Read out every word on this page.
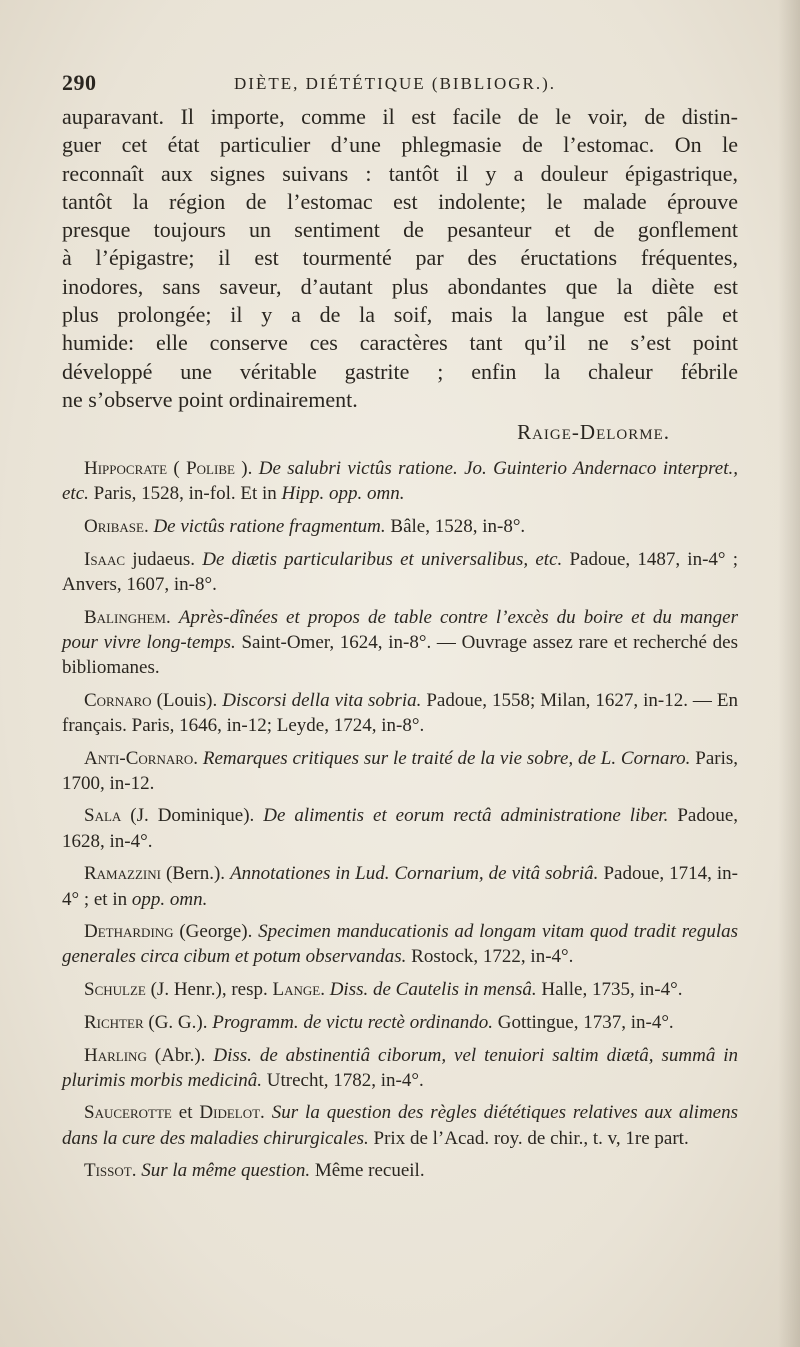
290	DIÈTE, DIÉTÉTIQUE (BIBLIOGR.).
auparavant. Il importe, comme il est facile de le voir, de distin-
guer cet état particulier d’une phlegmasie de l’estomac. On le
reconnaît aux signes suivans : tantôt il y a douleur épigastrique,
tantôt la région de l’estomac est indolente; le malade éprouve
presque toujours un sentiment de pesanteur et de gonflement
à l’épigastre; il est tourmenté par des éructations fréquentes,
inodores, sans saveur, d’autant plus abondantes que la diète est
plus prolongée; il y a de la soif, mais la langue est pâle et
humide: elle conserve ces caractères tant qu’il ne s’est point
développé une véritable gastrite ; enfin la chaleur fébrile
ne s’observe point ordinairement.
Raige-Delorme.

Hippocrate ( Polibe ). De salubri victûs ratione. Jo. Guinterio Andernaco interpret., etc. Paris, 1528, in-fol. Et in Hipp. opp. omn.

Oribase. De victûs ratione fragmentum. Bâle, 1528, in-8°.

Isaac judaeus. De diætis particularibus et universalibus, etc. Padoue, 1487, in-4° ; Anvers, 1607, in-8°.

Balinghem. Après-dînées et propos de table contre l’excès du boire et du manger pour vivre long-temps. Saint-Omer, 1624, in-8°. — Ouvrage assez rare et recherché des bibliomanes.

Cornaro (Louis). Discorsi della vita sobria. Padoue, 1558; Milan, 1627, in-12. — En français. Paris, 1646, in-12; Leyde, 1724, in-8°.

Anti-Cornaro. Remarques critiques sur le traité de la vie sobre, de L. Cornaro. Paris, 1700, in-12.

Sala (J. Dominique). De alimentis et eorum rectâ administratione liber. Padoue, 1628, in-4°.

Ramazzini (Bern.). Annotationes in Lud. Cornarium, de vitâ sobriâ. Padoue, 1714, in-4° ; et in opp. omn.

Dethardіng (George). Specimen manducationis ad longam vitam quod tradit regulas generales circa cibum et potum observandas. Rostock, 1722, in-4°.

Schulze (J. Henr.), resp. Lange. Diss. de Cautelis in mensâ. Halle, 1735, in-4°.

Richter (G. G.). Programm. de victu rectè ordinando. Gottingue, 1737, in-4°.

Harling (Abr.). Diss. de abstinentiâ ciborum, vel tenuiori saltim diætâ, summâ in plurimis morbis medicinâ. Utrecht, 1782, in-4°.

Saucerotte et Didelot. Sur la question des règles diététiques relatives aux alimens dans la cure des maladies chirurgicales. Prix de l’Acad. roy. de chir., t. v, 1re part.

Tissot. Sur la même question. Même recueil.
